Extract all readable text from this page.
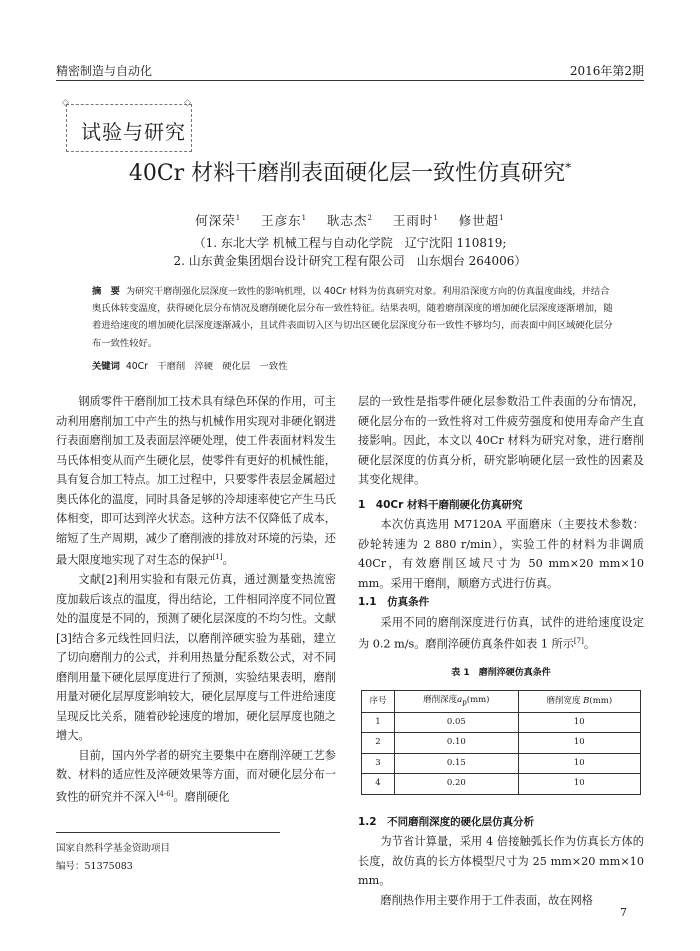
精密制造与自动化	2016年第2期
试验与研究
◇	◇
40Cr 材料干磨削表面硬化层一致性仿真研究*
何深荣$^1$ 王彦东$^1$ 耿志杰$^2$ 王雨时$^1$ 修世超$^1$
（1. 东北大学 机械工程与自动化学院　辽宁沈阳 110819;
2. 山东黄金集团烟台设计研究工程有限公司　山东烟台 264006）
摘　要 为研究干磨削强化层深度一致性的影响机理，以 40Cr 材料为仿真研究对象。利用沿深度方向的仿真温度曲线，并结合奥氏体转变温度，获得硬化层分布情况及磨削硬化层分布一致性特征。结果表明，随着磨削深度的增加硬化层深度逐渐增加，随着进给速度的增加硬化层深度逐渐减小，且试件表面切入区与切出区硬化层深度分布一致性不够均匀，而表面中间区域硬化层分布一致性较好。
关键词 40Cr　干磨削　淬硬　硬化层　一致性

钢质零件干磨削加工技术具有绿色环保的作用，可主动利用磨削加工中产生的热与机械作用实现对非硬化钢进行表面磨削加工及表面层淬硬处理，使工件表面材料发生马氏体相变从而产生硬化层，使零件有更好的机械性能，具有复合加工特点。加工过程中，只要零件表层金属超过奥氏体化的温度，同时具备足够的冷却速率使它产生马氏体相变，即可达到淬火状态。这种方法不仅降低了成本，缩短了生产周期，减少了磨削液的排放对环境的污染，还最大限度地实现了对生态的保护[1]。

文献[2]利用实验和有限元仿真，通过测量变热流密度加载后该点的温度，得出结论，工件相同淬度不同位置处的温度是不同的，预测了硬化层深度的不均匀性。文献[3]结合多元线性回归法，以磨削淬硬实验为基础，建立了切向磨削力的公式，并利用热量分配系数公式，对不同磨削用量下硬化层厚度进行了预测，实验结果表明，磨削用量对硬化层厚度影响较大，硬化层厚度与工件进给速度呈现反比关系，随着砂轮速度的增加，硬化层厚度也随之增大。

目前，国内外学者的研究主要集中在磨削淬硬工艺参数、材料的适应性及淬硬效果等方面，而对硬化层分布一致性的研究并不深入[4-6]。磨削硬化

层的一致性是指零件硬化层参数沿工件表面的分布情况，硬化层分布的一致性将对工件疲劳强度和使用寿命产生直接影响。因此，本文以 40Cr 材料为研究对象，进行磨削硬化层深度的仿真分析，研究影响硬化层一致性的因素及其变化规律。

1　40Cr 材料干磨削硬化仿真研究

本次仿真选用 M7120A 平面磨床（主要技术参数：砂轮转速为 2 880 r/min），实验工件的材料为非调质 40Cr，有效磨削区域尺寸为 50 mm×20 mm×10 mm。采用干磨削，顺磨方式进行仿真。

1.1　仿真条件

采用不同的磨削深度进行仿真，试件的进给速度设定为 0.2 m/s。磨削淬硬仿真条件如表 1 所示[7]。

表 1　磨削淬硬仿真条件
序号	磨削深度$a_p(mm)$	磨削宽度 B(mm)
1	0.05	10
2	0.10	10
3	0.15	10
4	0.20	10

1.2　不同磨削深度的硬化层仿真分析

为节省计算量，采用 4 倍接触弧长作为仿真长方体的长度，故仿真的长方体模型尺寸为 25 mm×20 mm×10 mm。

磨削热作用主要作用于工件表面，故在网格

国家自然科学基金资助项目
编号：51375083
7
